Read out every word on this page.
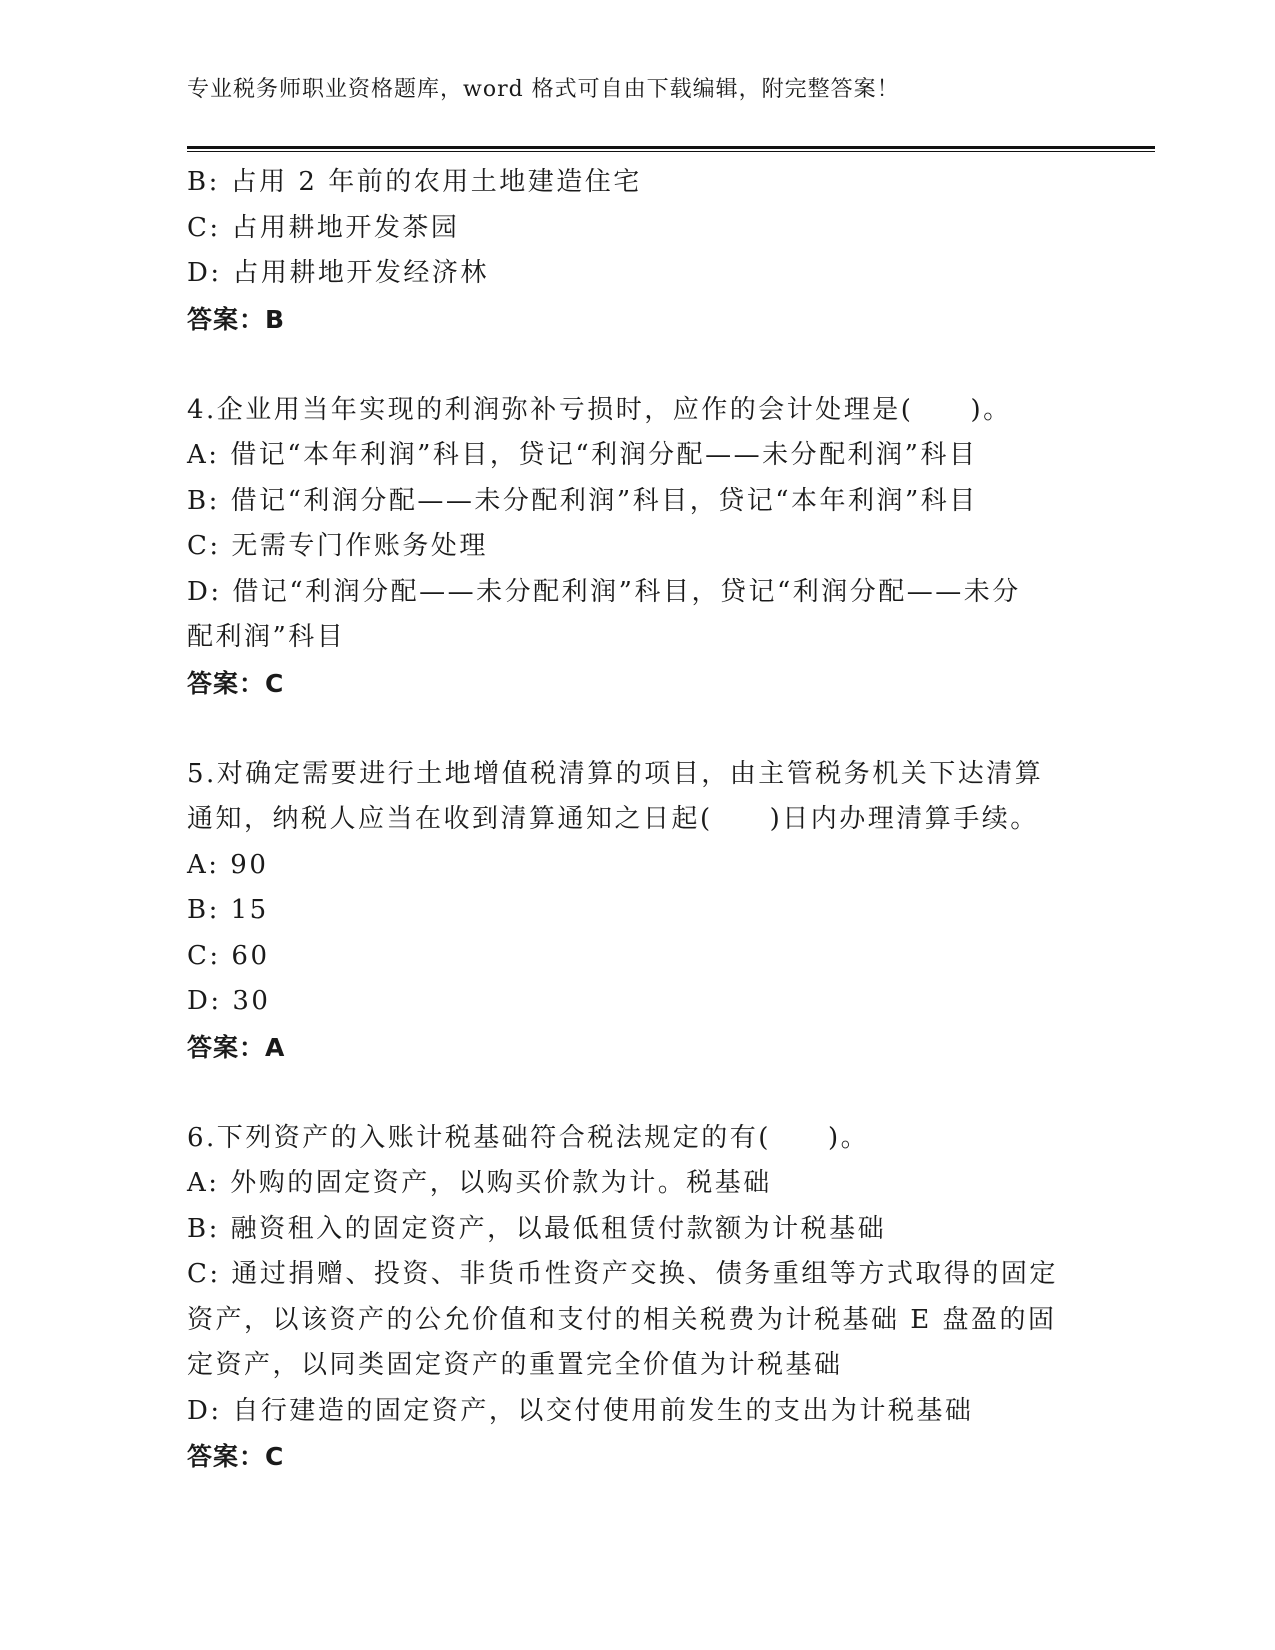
专业税务师职业资格题库，word 格式可自由下载编辑，附完整答案！
B: 占用 2 年前的农用土地建造住宅
C: 占用耕地开发茶园
D: 占用耕地开发经济林
答案：B
4.企业用当年实现的利润弥补亏损时，应作的会计处理是(　　)。
A: 借记“本年利润”科目，贷记“利润分配——未分配利润”科目
B: 借记“利润分配——未分配利润”科目，贷记“本年利润”科目
C: 无需专门作账务处理
D: 借记“利润分配——未分配利润”科目，贷记“利润分配——未分
配利润”科目
答案：C
5.对确定需要进行土地增值税清算的项目，由主管税务机关下达清算
通知，纳税人应当在收到清算通知之日起(　　)日内办理清算手续。
A: 90
B: 15
C: 60
D: 30
答案：A
6.下列资产的入账计税基础符合税法规定的有(　　)。
A: 外购的固定资产，以购买价款为计。税基础
B: 融资租入的固定资产，以最低租赁付款额为计税基础
C: 通过捐赠、投资、非货币性资产交换、债务重组等方式取得的固定
资产，以该资产的公允价值和支付的相关税费为计税基础 E 盘盈的固
定资产，以同类固定资产的重置完全价值为计税基础
D: 自行建造的固定资产，以交付使用前发生的支出为计税基础
答案：C
